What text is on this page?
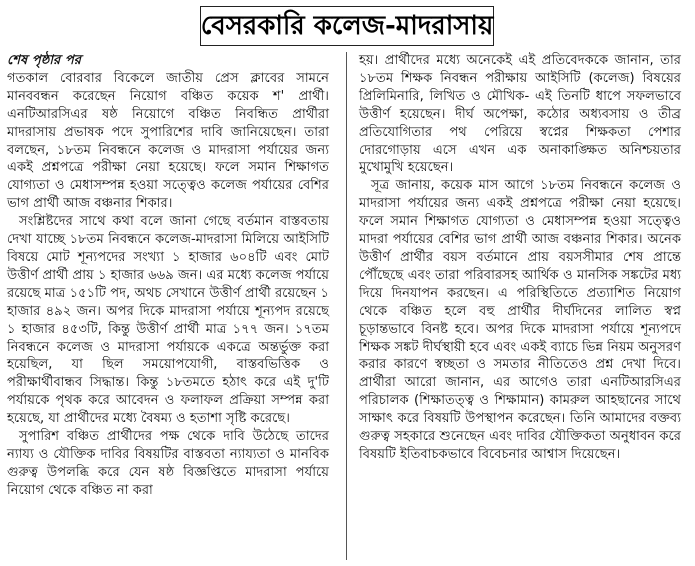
বেসরকারি কলেজ-মাদরাসায়

শেষ পৃষ্ঠার পর

গতকাল বোরবার বিকেলে জাতীয় প্রেস ক্লাবের সামনে মানববন্ধন করেছেন নিয়োগ বঞ্চিত কয়েক শ' প্রার্থী। এনটিআরসিএর ষষ্ঠ নিয়োগে বঞ্চিত নিবন্ধিত প্রার্থীরা মাদরাসায় প্রভাষক পদে সুপারিশের দাবি জানিয়েছেন। তারা বলছেন, ১৮তম নিবন্ধনে কলেজ ও মাদরাসা পর্যায়ের জন্য একই প্রশ্নপত্রে পরীক্ষা নেয়া হয়েছে। ফলে সমান শিক্ষাগত যোগ্যতা ও মেধাসম্পন্ন হওয়া সত্ত্বেও কলেজ পর্যায়ের বেশির ভাগ প্রার্থী আজ বঞ্চনার শিকার।

সংশ্লিষ্টদের সাথে কথা বলে জানা গেছে বর্তমান বাস্তবতায় দেখা যাচ্ছে ১৮তম নিবন্ধনে কলেজ-মাদরাসা মিলিয়ে আইসিটি বিষয়ে মোট শূন্যপদের সংখ্যা ১ হাজার ৬০৪টি এবং মোট উত্তীর্ণ প্রার্থী প্রায় ১ হাজার ৬৬৯ জন। এর মধ্যে কলেজ পর্যায়ে রয়েছে মাত্র ১৫১টি পদ, অথচ সেখানে উত্তীর্ণ প্রার্থী রয়েছেন ১ হাজার ৪৯২ জন। অপর দিকে মাদরাসা পর্যায়ে শূন্যপদ রয়েছে ১ হাজার ৪৫৩টি, কিন্তু উত্তীর্ণ প্রার্থী মাত্র ১৭৭ জন। ১৭তম নিবন্ধনে কলেজ ও মাদরাসা পর্যায়কে একত্রে অন্তর্ভুক্ত করা হয়েছিল, যা ছিল সময়োপযোগী, বাস্তবভিত্তিক ও পরীক্ষার্থীবান্ধব সিদ্ধান্ত। কিন্তু ১৮তমতে হঠাৎ করে এই দু'টি পর্যায়কে পৃথক করে আবেদন ও ফলাফল প্রক্রিয়া সম্পন্ন করা হয়েছে, যা প্রার্থীদের মধ্যে বৈষম্য ও হতাশা সৃষ্টি করেছে।

সুপারিশ বঞ্চিত প্রার্থীদের পক্ষ থেকে দাবি উঠেছে তাদের ন্যায্য ও যৌক্তিক দাবির বিষয়টির বাস্তবতা ন্যায্যতা ও মানবিক গুরুত্ব উপলব্ধি করে যেন ষষ্ঠ বিজ্ঞপ্তিতে মাদরাসা পর্যায়ে নিয়োগ থেকে বঞ্চিত না করা

হয়। প্রার্থীদের মধ্যে অনেকেই এই প্রতিবেদককে জানান, তার ১৮তম শিক্ষক নিবন্ধন পরীক্ষায় আইসিটি (কলেজ) বিষয়ের প্রিলিমিনারি, লিখিত ও মৌখিক- এই তিনটি ধাপে সফলভাবে উত্তীর্ণ হয়েছেন। দীর্ঘ অপেক্ষা, কঠোর অধ্যবসায় ও তীব্র প্রতিযোগিতার পথ পেরিয়ে স্বপ্নের শিক্ষকতা পেশার দোরগোড়ায় এসে এখন এক অনাকাঙ্ক্ষিত অনিশ্চয়তার মুখোমুখি হয়েছেন।

সূত্র জানায়, কয়েক মাস আগে ১৮তম নিবন্ধনে কলেজ ও মাদরাসা পর্যায়ের জন্য একই প্রশ্নপত্রে পরীক্ষা নেয়া হয়েছে। ফলে সমান শিক্ষাগত যোগ্যতা ও মেধাসম্পন্ন হওয়া সত্ত্বেও মাদরা পর্যায়ের বেশির ভাগ প্রার্থী আজ বঞ্চনার শিকার। অনেক উত্তীর্ণ প্রার্থীর বয়স বর্তমানে প্রায় বয়সসীমার শেষ প্রান্তে পৌঁছেছে এবং তারা পরিবারসহ আর্থিক ও মানসিক সঙ্কটের মধ্য দিয়ে দিনযাপন করছেন। এ পরিস্থিতিতে প্রত্যাশিত নিয়োগ থেকে বঞ্চিত হলে বহু প্রার্থীর দীর্ঘদিনের লালিত স্বপ্ন চূড়ান্তভাবে বিনষ্ট হবে। অপর দিকে মাদরাসা পর্যায়ে শূন্যপদে শিক্ষক সঙ্কট দীর্ঘস্থায়ী হবে এবং একই ব্যাচে ভিন্ন নিয়ম অনুসরণ করার কারণে স্বচ্ছতা ও সমতার নীতিতেও প্রশ্ন দেখা দিবে। প্রার্থীরা আরো জানান, এর আগেও তারা এনটিআরসিএর পরিচালক (শিক্ষাতত্ত্ব ও শিক্ষামান) কামরুল আহছানের সাথে সাক্ষাৎ করে বিষয়টি উপস্থাপন করেছেন। তিনি আমাদের বক্তব্য গুরুত্ব সহকারে শুনেছেন এবং দাবির যৌক্তিকতা অনুধাবন করে বিষয়টি ইতিবাচকভাবে বিবেচনার আশ্বাস দিয়েছেন।
